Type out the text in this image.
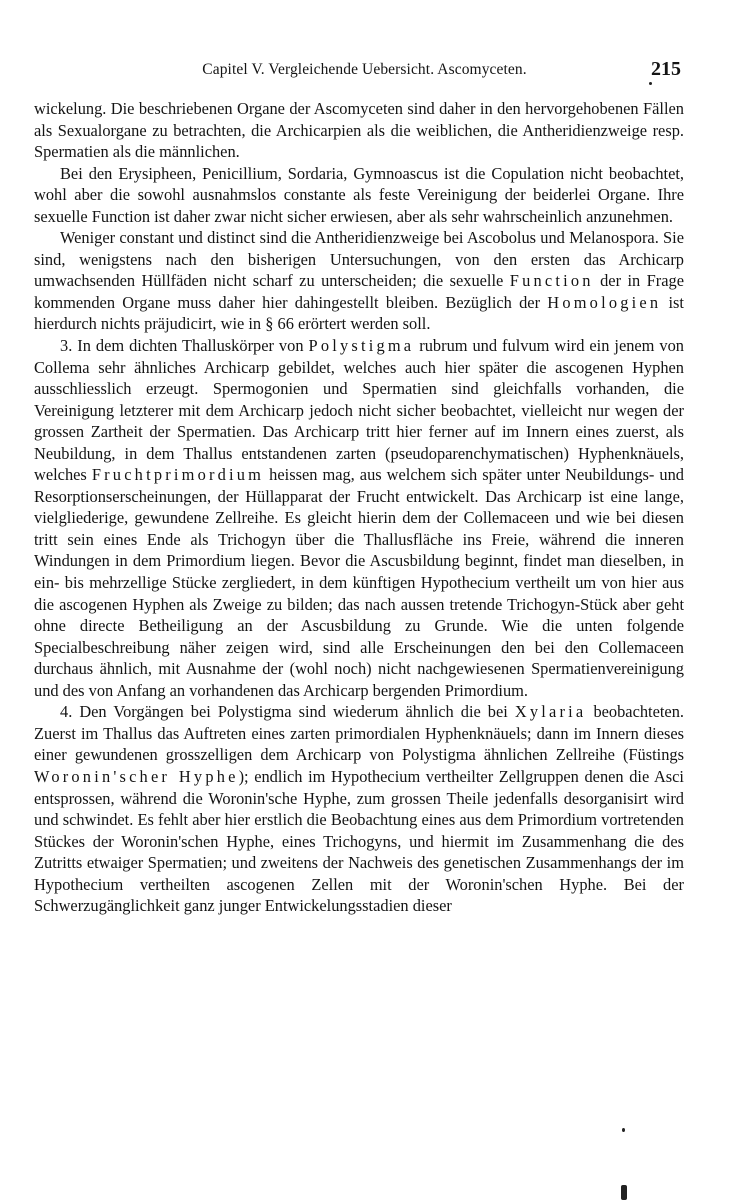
Capitel V. Vergleichende Uebersicht. Ascomyceten.	215

wickelung. Die beschriebenen Organe der Ascomyceten sind daher in den hervorgehobenen Fällen als Sexualorgane zu betrachten, die Archicarpien als die weiblichen, die Antheridienzweige resp. Spermatien als die männlichen.

Bei den Erysipheen, Penicillium, Sordaria, Gymnoascus ist die Copulation nicht beobachtet, wohl aber die sowohl ausnahmslos constante als feste Vereinigung der beiderlei Organe. Ihre sexuelle Function ist daher zwar nicht sicher erwiesen, aber als sehr wahrscheinlich anzunehmen.

Weniger constant und distinct sind die Antheridienzweige bei Ascobolus und Melanospora. Sie sind, wenigstens nach den bisherigen Untersuchungen, von den ersten das Archicarp umwachsenden Hüllfäden nicht scharf zu unterscheiden; die sexuelle Function der in Frage kommenden Organe muss daher hier dahingestellt bleiben. Bezüglich der Homologien ist hierdurch nichts präjudicirt, wie in § 66 erörtert werden soll.

3. In dem dichten Thalluskörper von Polystigma rubrum und fulvum wird ein jenem von Collema sehr ähnliches Archicarp gebildet, welches auch hier später die ascogenen Hyphen ausschliesslich erzeugt. Spermogonien und Spermatien sind gleichfalls vorhanden, die Vereinigung letzterer mit dem Archicarp jedoch nicht sicher beobachtet, vielleicht nur wegen der grossen Zartheit der Spermatien. Das Archicarp tritt hier ferner auf im Innern eines zuerst, als Neubildung, in dem Thallus entstandenen zarten (pseudoparenchymatischen) Hyphenknäuels, welches Fruchtprimordium heissen mag, aus welchem sich später unter Neubildungs- und Resorptionserscheinungen, der Hüllapparat der Frucht entwickelt. Das Archicarp ist eine lange, vielgliederige, gewundene Zellreihe. Es gleicht hierin dem der Collemaceen und wie bei diesen tritt sein eines Ende als Trichogyn über die Thallusfläche ins Freie, während die inneren Windungen in dem Primordium liegen. Bevor die Ascusbildung beginnt, findet man dieselben, in ein- bis mehrzellige Stücke zergliedert, in dem künftigen Hypothecium vertheilt um von hier aus die ascogenen Hyphen als Zweige zu bilden; das nach aussen tretende Trichogyn-Stück aber geht ohne directe Betheiligung an der Ascusbildung zu Grunde. Wie die unten folgende Specialbeschreibung näher zeigen wird, sind alle Erscheinungen den bei den Collemaceen durchaus ähnlich, mit Ausnahme der (wohl noch) nicht nachgewiesenen Spermatienvereinigung und des von Anfang an vorhandenen das Archicarp bergenden Primordium.

4. Den Vorgängen bei Polystigma sind wiederum ähnlich die bei Xylaria beobachteten. Zuerst im Thallus das Auftreten eines zarten primordialen Hyphenknäuels; dann im Innern dieses einer gewundenen grosszelligen dem Archicarp von Polystigma ähnlichen Zellreihe (Füstings Woronin'scher Hyphe); endlich im Hypothecium vertheilter Zellgruppen denen die Asci entsprossen, während die Woronin'sche Hyphe, zum grossen Theile jedenfalls desorganisirt wird und schwindet. Es fehlt aber hier erstlich die Beobachtung eines aus dem Primordium vortretenden Stückes der Woronin'schen Hyphe, eines Trichogyns, und hiermit im Zusammenhang die des Zutritts etwaiger Spermatien; und zweitens der Nachweis des genetischen Zusammenhangs der im Hypothecium vertheilten ascogenen Zellen mit der Woronin'schen Hyphe. Bei der Schwerzugänglichkeit ganz junger Entwickelungsstadien dieser
